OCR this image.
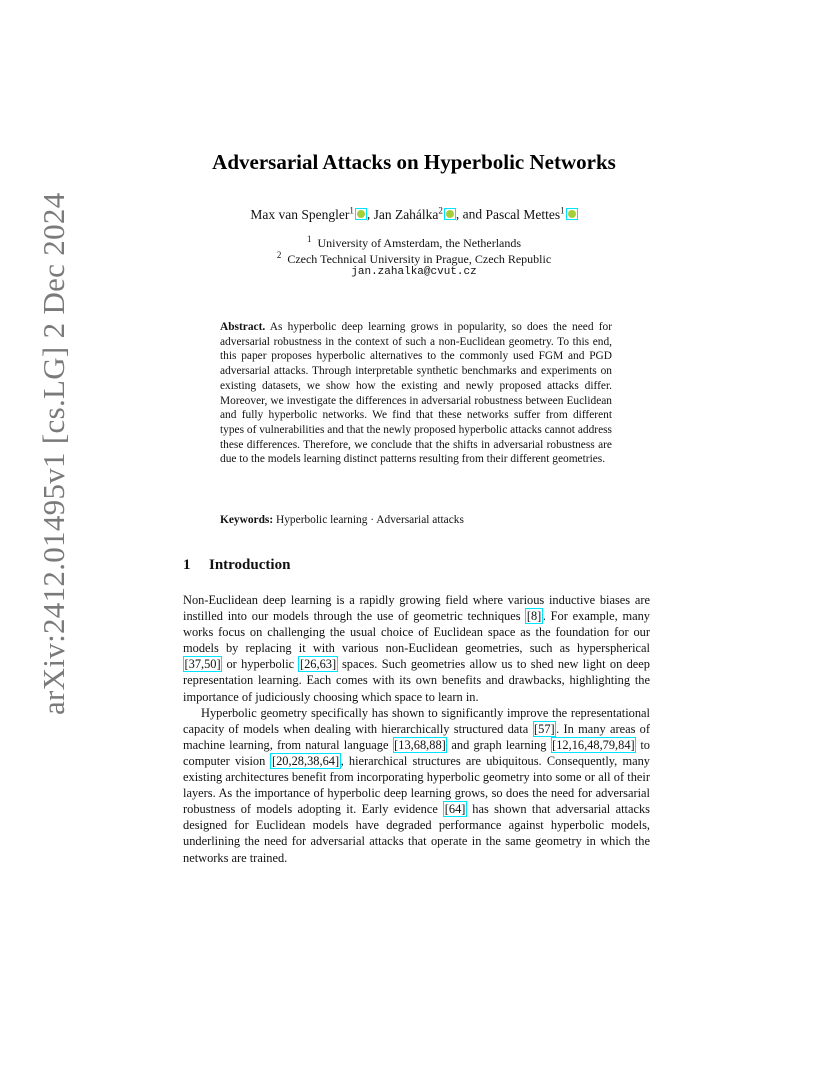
arXiv:2412.01495v1 [cs.LG] 2 Dec 2024
Adversarial Attacks on Hyperbolic Networks
Max van Spengler$^1$ , Jan Zahálka$^2$ , and Pascal Mettes$^1$
$^1$ University of Amsterdam, the Netherlands
$^2$ Czech Technical University in Prague, Czech Republic
jan.zahalka@cvut.cz
Abstract. As hyperbolic deep learning grows in popularity, so does the need for adversarial robustness in the context of such a non-Euclidean geometry. To this end, this paper proposes hyperbolic alternatives to the commonly used FGM and PGD adversarial attacks. Through interpretable synthetic benchmarks and experiments on existing datasets, we show how the existing and newly proposed attacks differ. Moreover, we investigate the differences in adversarial robustness between Euclidean and fully hyperbolic networks. We find that these networks suffer from different types of vulnerabilities and that the newly proposed hyperbolic attacks cannot address these differences. Therefore, we conclude that the shifts in adversarial robustness are due to the models learning distinct patterns resulting from their different geometries.
Keywords: Hyperbolic learning · Adversarial attacks
1 Introduction

Non-Euclidean deep learning is a rapidly growing field where various inductive biases are instilled into our models through the use of geometric techniques [8] . For example, many works focus on challenging the usual choice of Euclidean space as the foundation for our models by replacing it with various non-Euclidean geometries, such as hyperspherical [37,50] or hyperbolic [26,63] spaces. Such geometries allow us to shed new light on deep representation learning. Each comes with its own benefits and drawbacks, highlighting the importance of judiciously choosing which space to learn in.

Hyperbolic geometry specifically has shown to significantly improve the representational capacity of models when dealing with hierarchically structured data [57] . In many areas of machine learning, from natural language [13,68,88] and graph learning [12,16,48,79,84] to computer vision [20,28,38,64] , hierarchical structures are ubiquitous. Consequently, many existing architectures benefit from incorporating hyperbolic geometry into some or all of their layers. As the importance of hyperbolic deep learning grows, so does the need for adversarial robustness of models adopting it. Early evidence [64] has shown that adversarial attacks designed for Euclidean models have degraded performance against hyperbolic models, underlining the need for adversarial attacks that operate in the same geometry in which the networks are trained.
